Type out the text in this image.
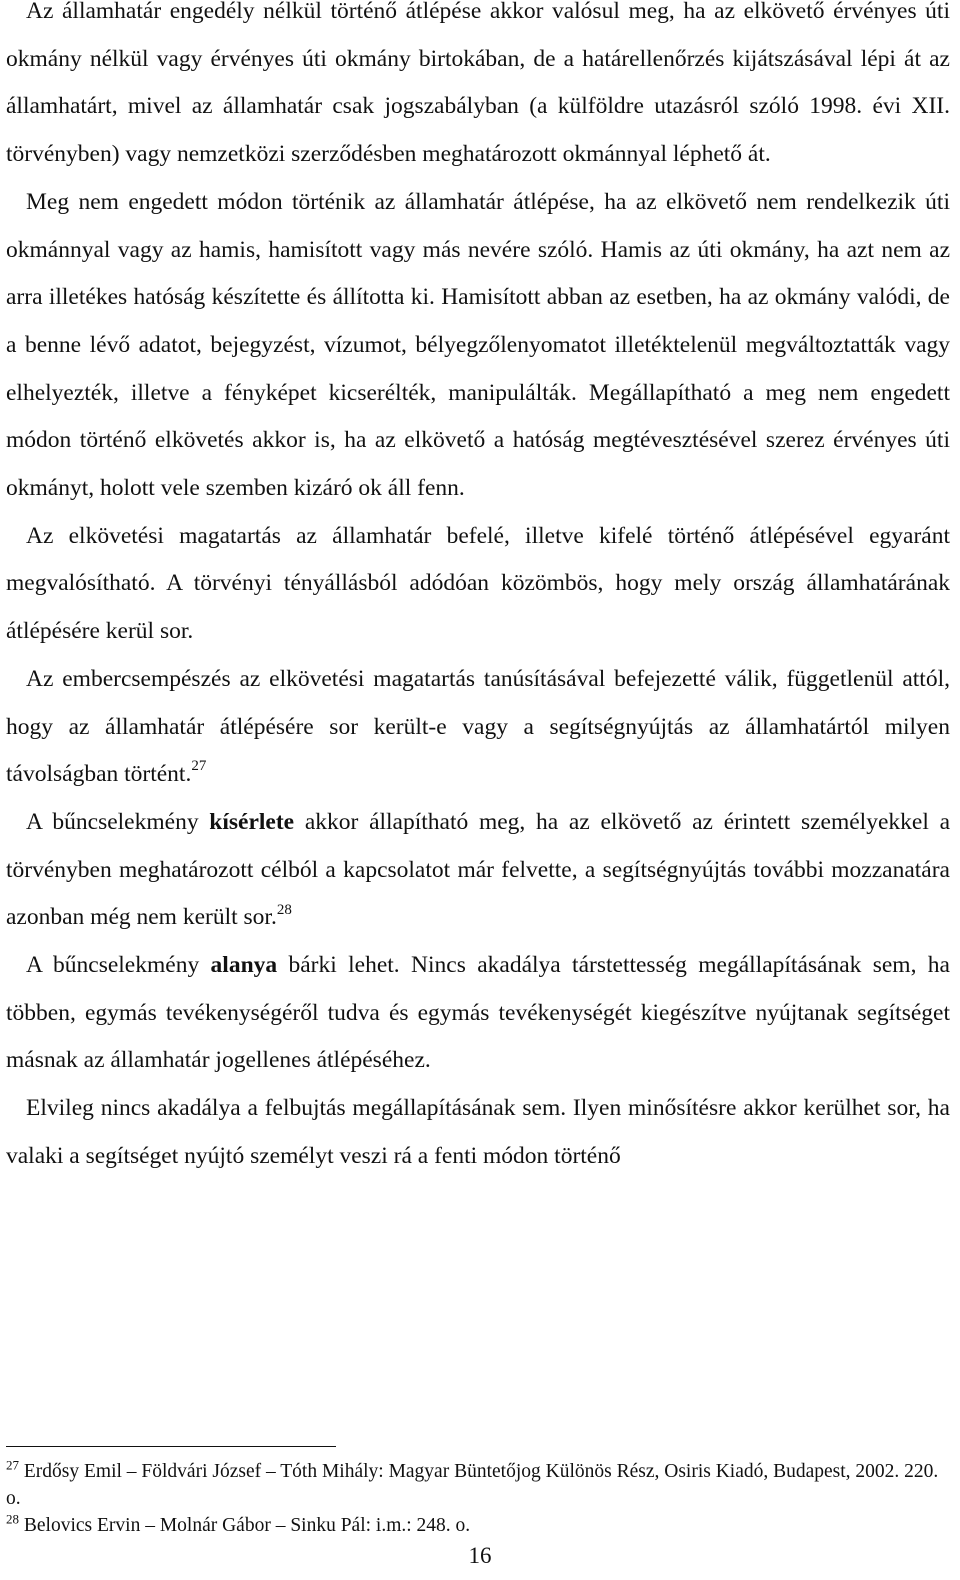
Az államhatár engedély nélkül történő átlépése akkor valósul meg, ha az elkövető érvényes úti okmány nélkül vagy érvényes úti okmány birtokában, de a határellenőrzés kijátszásával lépi át az államhatárt, mivel az államhatár csak jogszabályban (a külföldre utazásról szóló 1998. évi XII. törvényben) vagy nemzetközi szerződésben meghatározott okmánnyal léphető át.

Meg nem engedett módon történik az államhatár átlépése, ha az elkövető nem rendelkezik úti okmánnyal vagy az hamis, hamisított vagy más nevére szóló. Hamis az úti okmány, ha azt nem az arra illetékes hatóság készítette és állította ki. Hamisított abban az esetben, ha az okmány valódi, de a benne lévő adatot, bejegyzést, vízumot, bélyegzőlenyomatot illetéktelenül megváltoztatták vagy elhelyezték, illetve a fényképet kicserélték, manipulálták. Megállapítható a meg nem engedett módon történő elkövetés akkor is, ha az elkövető a hatóság megtévesztésével szerez érvényes úti okmányt, holott vele szemben kizáró ok áll fenn.

Az elkövetési magatartás az államhatár befelé, illetve kifelé történő átlépésével egyaránt megvalósítható. A törvényi tényállásból adódóan közömbös, hogy mely ország államhatárának átlépésére kerül sor.

Az embercsempészés az elkövetési magatartás tanúsításával befejezetté válik, függetlenül attól, hogy az államhatár átlépésére sor került-e vagy a segítségnyújtás az államhatártól milyen távolságban történt.$^{27}$

A bűncselekmény kísérlete akkor állapítható meg, ha az elkövető az érintett személyekkel a törvényben meghatározott célból a kapcsolatot már felvette, a segítségnyújtás további mozzanatára azonban még nem került sor.$^{28}$

A bűncselekmény alanya bárki lehet. Nincs akadálya társtettesség megállapításának sem, ha többen, egymás tevékenységéről tudva és egymás tevékenységét kiegészítve nyújtanak segítséget másnak az államhatár jogellenes átlépéséhez.

Elvileg nincs akadálya a felbujtás megállapításának sem. Ilyen minősítésre akkor kerülhet sor, ha valaki a segítséget nyújtó személyt veszi rá a fenti módon történő

$^{27}$ Erdősy Emil – Földvári József – Tóth Mihály: Magyar Büntetőjog Különös Rész, Osiris Kiadó, Budapest, 2002. 220. o.

$^{28}$ Belovics Ervin – Molnár Gábor – Sinku Pál: i.m.: 248. o.

16
